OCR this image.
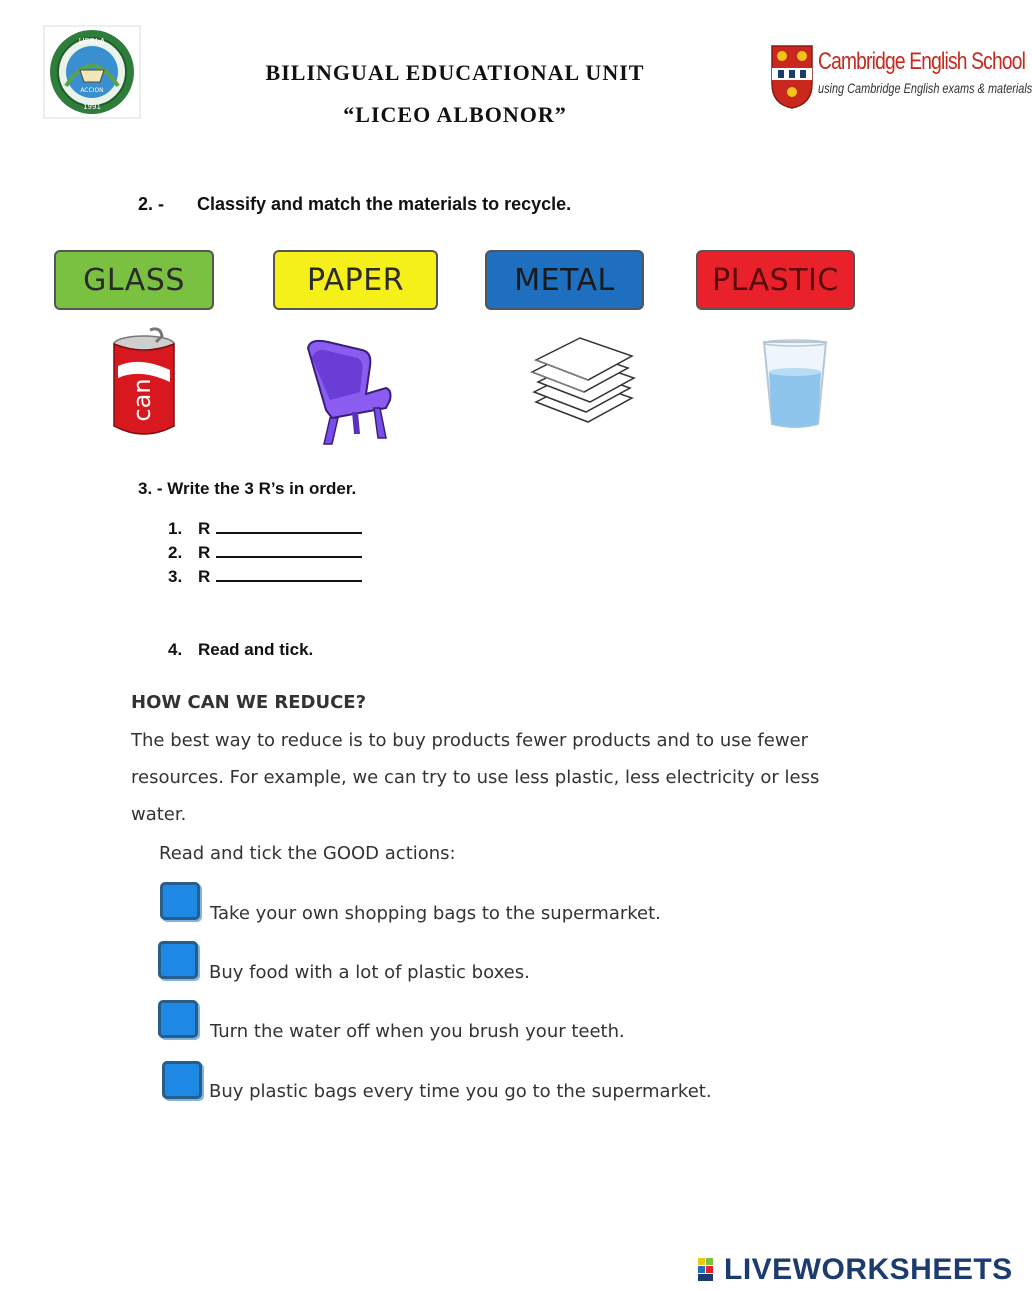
UEBLA
ACCION
1991
BILINGUAL EDUCATIONAL UNIT
“LICEO ALBONOR”
Cambridge English School
using Cambridge English exams & materials
2. - Classify and match the materials to recycle.
GLASS	PAPER	METAL	PLASTIC
can
3. - Write the 3 R’s in order.
1. R
2. R
3. R
4. Read and tick.
HOW CAN WE REDUCE?
The best way to reduce is to buy products fewer products and to use fewer
resources. For example, we can try to use less plastic, less electricity or less
water.
Read and tick the GOOD actions:
Take your own shopping bags to the supermarket.
Buy food with a lot of plastic boxes.
Turn the water off when you brush your teeth.
Buy plastic bags every time you go to the supermarket.
LIVEWORKSHEETS
